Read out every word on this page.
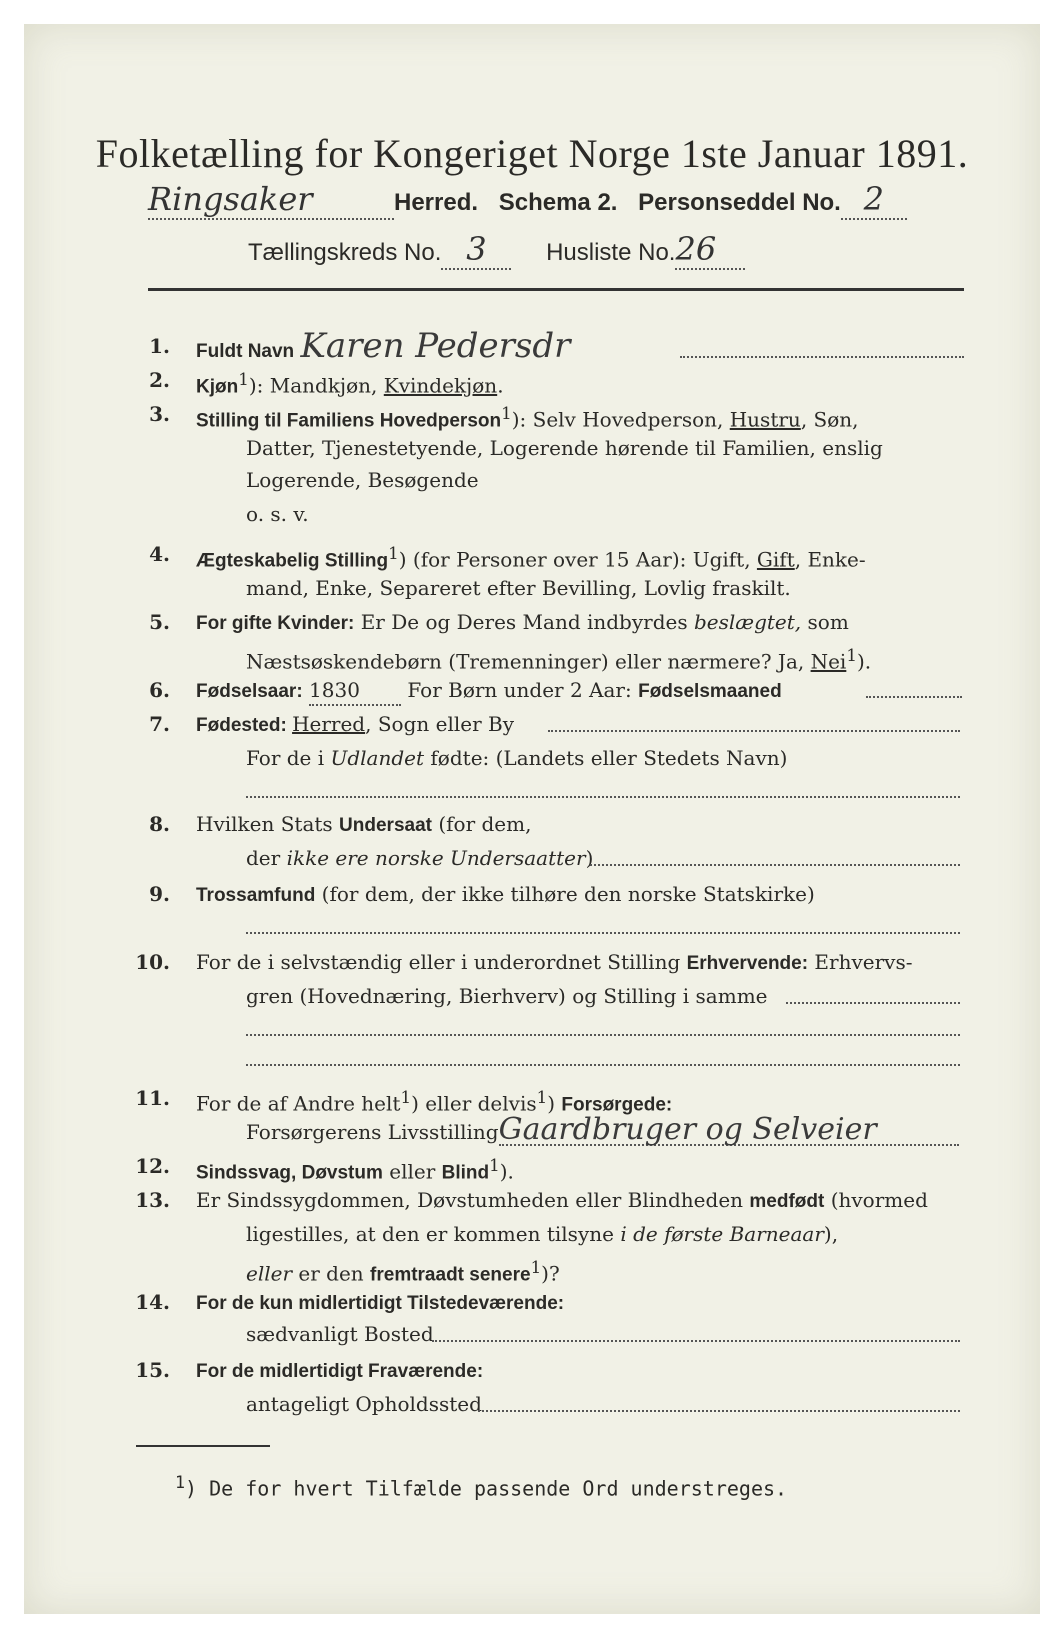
Folketælling for Kongeriget Norge 1ste Januar 1891.
Ringsaker	Herred. Schema 2. Personseddel No. 2
Tællingskreds No. 3 Husliste No.26
1. Fuldt Navn Karen Pedersdr
2. Kjøn$^1$): Mandkjøn, Kvindekjøn.
3. Stilling til Familiens Hovedperson$^1$): Selv Hovedperson, Hustru, Søn,
Datter, Tjenestetyende, Logerende hørende til Familien, enslig
Logerende, Besøgende
o. s. v.
4. Ægteskabelig Stilling$^1$) (for Personer over 15 Aar): Ugift, Gift, Enke-
mand, Enke, Separeret efter Bevilling, Lovlig fraskilt.
5. For gifte Kvinder: Er De og Deres Mand indbyrdes beslægtet, som
Næstsøskendebørn (Tremenninger) eller nærmere? Ja, Nei$^1$).
6. Fødselsaar: 1830 For Børn under 2 Aar: Fødselsmaaned
7. Fødested: Herred, Sogn eller By
For de i Udlandet fødte: (Landets eller Stedets Navn)
8. Hvilken Stats Undersaat (for dem,
der ikke ere norske Undersaatter)
9. Trossamfund (for dem, der ikke tilhøre den norske Statskirke)
10. For de i selvstændig eller i underordnet Stilling Erhvervende: Erhvervs-
gren (Hovednæring, Bierhverv) og Stilling i samme
11. For de af Andre helt$^1$) eller delvis$^1$) Forsørgede:
Forsørgerens LivsstillingGaardbruger og Selveier
12. Sindssvag, Døvstum eller Blind$^1$).
13. Er Sindssygdommen, Døvstumheden eller Blindheden medfødt (hvormed
ligestilles, at den er kommen tilsyne i de første Barneaar),
eller er den fremtraadt senere$^1$)?
14. For de kun midlertidigt Tilstedeværende:
sædvanligt Bosted
15. For de midlertidigt Fraværende:
antageligt Opholdssted
$^1$) De for hvert Tilfælde passende Ord understreges.
